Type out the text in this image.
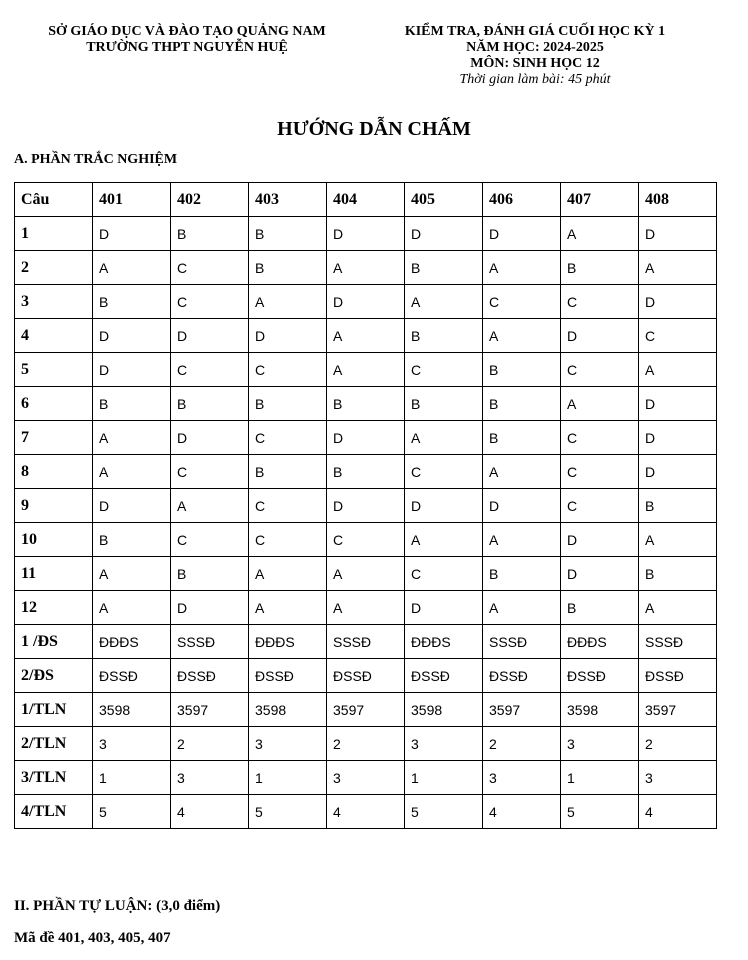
SỞ GIÁO DỤC VÀ ĐÀO TẠO QUẢNG NAM
TRƯỜNG THPT NGUYỄN HUỆ
KIỂM TRA, ĐÁNH GIÁ CUỐI HỌC KỲ 1
NĂM HỌC: 2024-2025
MÔN: SINH HỌC 12
Thời gian làm bài: 45 phút
HƯỚNG DẪN CHẤM
A. PHẦN TRẮC NGHIỆM
Câu	401	402	403	404	405	406	407	408
1	D	B	B	D	D	D	A	D
2	A	C	B	A	B	A	B	A
3	B	C	A	D	A	C	C	D
4	D	D	D	A	B	A	D	C
5	D	C	C	A	C	B	C	A
6	B	B	B	B	B	B	A	D
7	A	D	C	D	A	B	C	D
8	A	C	B	B	C	A	C	D
9	D	A	C	D	D	D	C	B
10	B	C	C	C	A	A	D	A
11	A	B	A	A	C	B	D	B
12	A	D	A	A	D	A	B	A
1 /ĐS	ĐĐĐS	SSSĐ	ĐĐĐS	SSSĐ	ĐĐĐS	SSSĐ	ĐĐĐS	SSSĐ
2/ĐS	ĐSSĐ	ĐSSĐ	ĐSSĐ	ĐSSĐ	ĐSSĐ	ĐSSĐ	ĐSSĐ	ĐSSĐ
1/TLN	3598	3597	3598	3597	3598	3597	3598	3597
2/TLN	3	2	3	2	3	2	3	2
3/TLN	1	3	1	3	1	3	1	3
4/TLN	5	4	5	4	5	4	5	4
II. PHẦN TỰ LUẬN: (3,0 điểm)
Mã đề 401, 403, 405, 407
